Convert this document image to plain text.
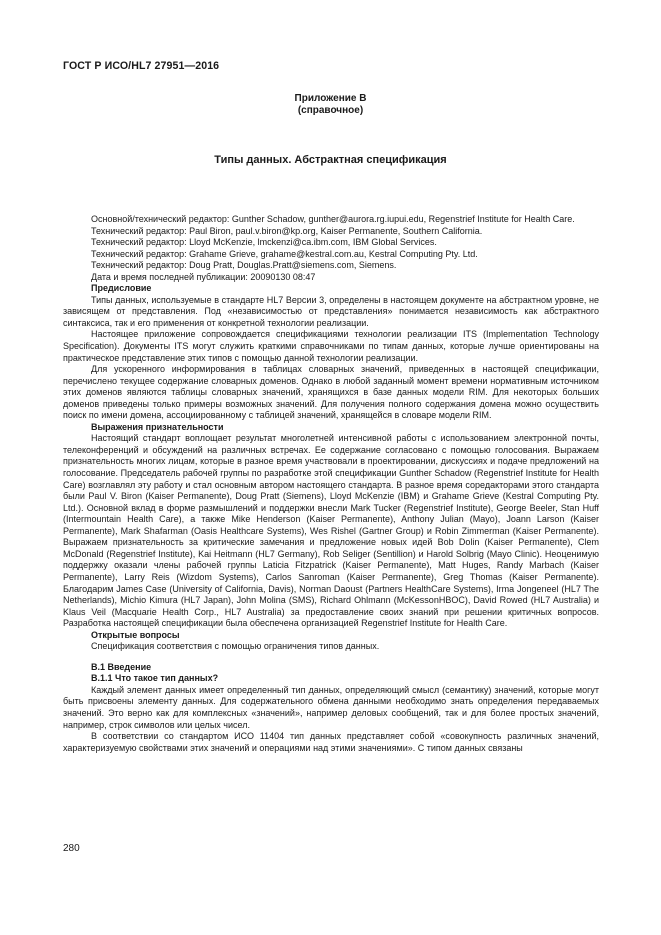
ГОСТ Р ИСО/HL7 27951—2016
Приложение В
(справочное)
Типы данных. Абстрактная спецификация

Основной/технический редактор: Gunther Schadow, gunther@aurora.rg.iupui.edu, Regenstrief Institute for Health Care.

Технический редактор: Paul Biron, paul.v.biron@kp.org, Kaiser Permanente, Southern California.

Технический редактор: Lloyd McKenzie, lmckenzi@ca.ibm.com, IBM Global Services.

Технический редактор: Grahame Grieve, grahame@kestral.com.au, Kestral Computing Pty. Ltd.

Технический редактор: Doug Pratt, Douglas.Pratt@siemens.com, Siemens.

Дата и время последней публикации: 20090130 08:47

Предисловие

Типы данных, используемые в стандарте HL7 Версии 3, определены в настоящем документе на абстрактном уровне, не зависящем от представления. Под «независимостью от представления» понимается независимость как абстрактного синтаксиса, так и его применения от конкретной технологии реализации.

Настоящее приложение сопровождается спецификациями технологии реализации ITS (Implementation Technology Specification). Документы ITS могут служить краткими справочниками по типам данных, которые лучше ориентированы на практическое представление этих типов с помощью данной технологии реализации.

Для ускоренного информирования в таблицах словарных значений, приведенных в настоящей спецификации, перечислено текущее содержание словарных доменов. Однако в любой заданный момент времени нормативным источником этих доменов являются таблицы словарных значений, хранящихся в базе данных модели RIM. Для некоторых больших доменов приведены только примеры возможных значений. Для получения полного содержания домена можно осуществить поиск по имени домена, ассоциированному с таблицей значений, хранящейся в словаре модели RIM.

Выражения признательности

Настоящий стандарт воплощает результат многолетней интенсивной работы с использованием электронной почты, телеконференций и обсуждений на различных встречах. Ее содержание согласовано с помощью голосования. Выражаем признательность многих лицам, которые в разное время участвовали в проектировании, дискуссиях и подаче предложений на голосование. Председатель рабочей группы по разработке этой спецификации Gunther Schadow (Regenstrief Institute for Health Care) возглавлял эту работу и стал основным автором настоящего стандарта. В разное время соредакторами этого стандарта были Paul V. Biron (Kaiser Permanente), Doug Pratt (Siemens), Lloyd McKenzie (IBM) и Grahame Grieve (Kestral Computing Pty. Ltd.). Основной вклад в форме размышлений и поддержки внесли Mark Tucker (Regenstrief Institute), George Beeler, Stan Huff (Intermountain Health Care), а также Mike Henderson (Kaiser Permanente), Anthony Julian (Mayo), Joann Larson (Kaiser Permanente), Mark Shafarman (Oasis Healthcare Systems), Wes Rishel (Gartner Group) и Robin Zimmerman (Kaiser Permanente). Выражаем признательность за критические замечания и предложение новых идей Bob Dolin (Kaiser Permanente), Clem McDonald (Regenstrief Institute), Kai Heitmann (HL7 Germany), Rob Seliger (Sentillion) и Harold Solbrig (Mayo Clinic). Неоценимую поддержку оказали члены рабочей группы Laticia Fitzpatrick (Kaiser Permanente), Matt Huges, Randy Marbach (Kaiser Permanente), Larry Reis (Wizdom Systems), Carlos Sanroman (Kaiser Permanente), Greg Thomas (Kaiser Permanente). Благодарим James Case (University of California, Davis), Norman Daoust (Partners HealthCare Systems), Irma Jongeneel (HL7 The Netherlands), Michio Kimura (HL7 Japan), John Molina (SMS), Richard Ohlmann (McKessonHBOC), David Rowed (HL7 Australia) и Klaus Veil (Macquarie Health Corp., HL7 Australia) за предоставление своих знаний при решении критичных вопросов. Разработка настоящей спецификации была обеспечена организацией Regenstrief Institute for Health Care.

Открытые вопросы

Спецификация соответствия с помощью ограничения типов данных.

В.1 Введение
В.1.1 Что такое тип данных?

Каждый элемент данных имеет определенный тип данных, определяющий смысл (семантику) значений, которые могут быть присвоены элементу данных. Для содержательного обмена данными необходимо знать определения передаваемых значений. Это верно как для комплексных «значений», например деловых сообщений, так и для более простых значений, например, строк символов или целых чисел.

В соответствии со стандартом ИСО 11404 тип данных представляет собой «совокупность различных значений, характеризуемую свойствами этих значений и операциями над этими значениями». С типом данных связаны

280
